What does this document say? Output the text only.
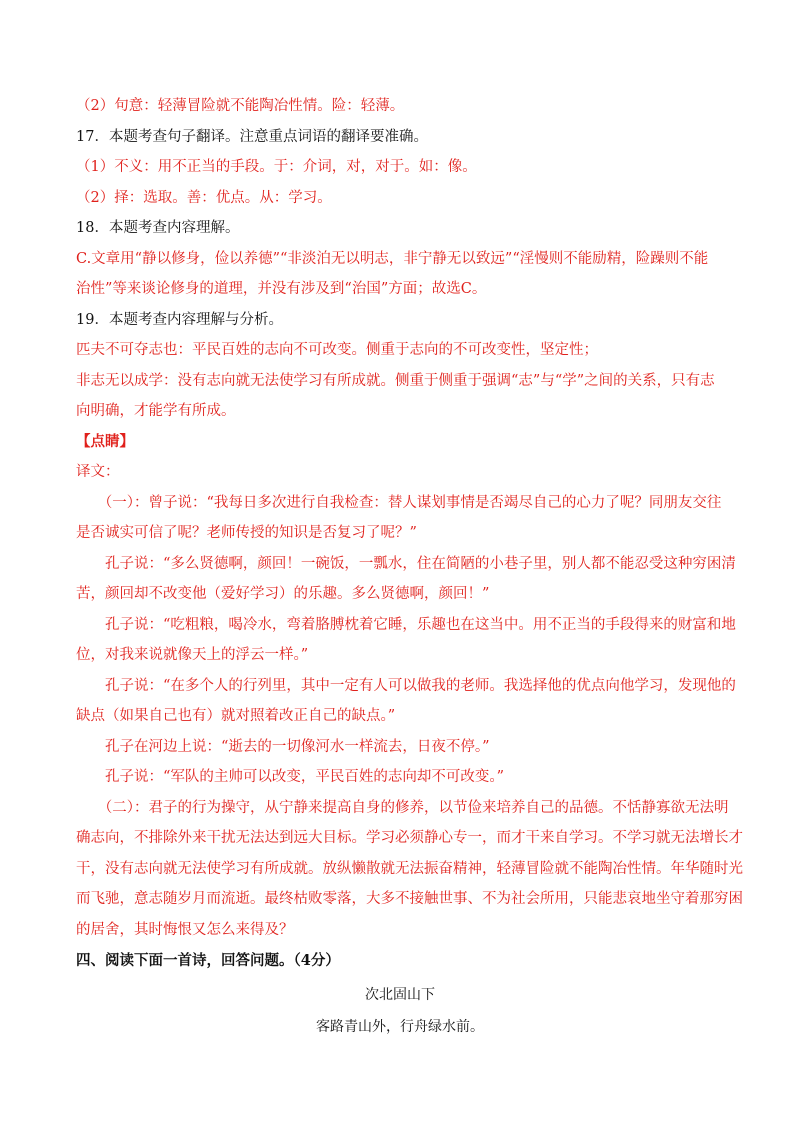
（2）句意：轻薄冒险就不能陶冶性情。险：轻薄。
17．本题考查句子翻译。注意重点词语的翻译要准确。
（1）不义：用不正当的手段。于：介词，对，对于。如：像。
（2）择：选取。善：优点。从：学习。
18．本题考查内容理解。
C.文章用“静以修身，俭以养德”“非淡泊无以明志，非宁静无以致远”“淫慢则不能励精，险躁则不能
治性”等来谈论修身的道理，并没有涉及到“治国”方面；故选C。
19．本题考查内容理解与分析。
匹夫不可夺志也：平民百姓的志向不可改变。侧重于志向的不可改变性，坚定性；
非志无以成学：没有志向就无法使学习有所成就。侧重于侧重于强调“志”与“学”之间的关系，只有志
向明确，才能学有所成。
【点睛】
译文：
　　（一）：曾子说：“我每日多次进行自我检查：替人谋划事情是否竭尽自己的心力了呢？同朋友交往
是否诚实可信了呢？老师传授的知识是否复习了呢？”
　　孔子说：“多么贤德啊，颜回！一碗饭，一瓢水，住在简陋的小巷子里，别人都不能忍受这种穷困清
苦，颜回却不改变他（爱好学习）的乐趣。多么贤德啊，颜回！”
　　孔子说：“吃粗粮，喝冷水，弯着胳膊枕着它睡，乐趣也在这当中。用不正当的手段得来的财富和地
位，对我来说就像天上的浮云一样。”
　　孔子说：“在多个人的行列里，其中一定有人可以做我的老师。我选择他的优点向他学习，发现他的
缺点（如果自己也有）就对照着改正自己的缺点。”
　　孔子在河边上说：“逝去的一切像河水一样流去，日夜不停。”
　　孔子说：“军队的主帅可以改变，平民百姓的志向却不可改变。”
　　（二）：君子的行为操守，从宁静来提高自身的修养，以节俭来培养自己的品德。不恬静寡欲无法明
确志向，不排除外来干扰无法达到远大目标。学习必须静心专一，而才干来自学习。不学习就无法增长才
干，没有志向就无法使学习有所成就。放纵懒散就无法振奋精神，轻薄冒险就不能陶冶性情。年华随时光
而飞驰，意志随岁月而流逝。最终枯败零落，大多不接触世事、不为社会所用，只能悲哀地坐守着那穷困
的居舍，其时悔恨又怎么来得及？
四、阅读下面一首诗，回答问题。（4分）
次北固山下
客路青山外，行舟绿水前。
